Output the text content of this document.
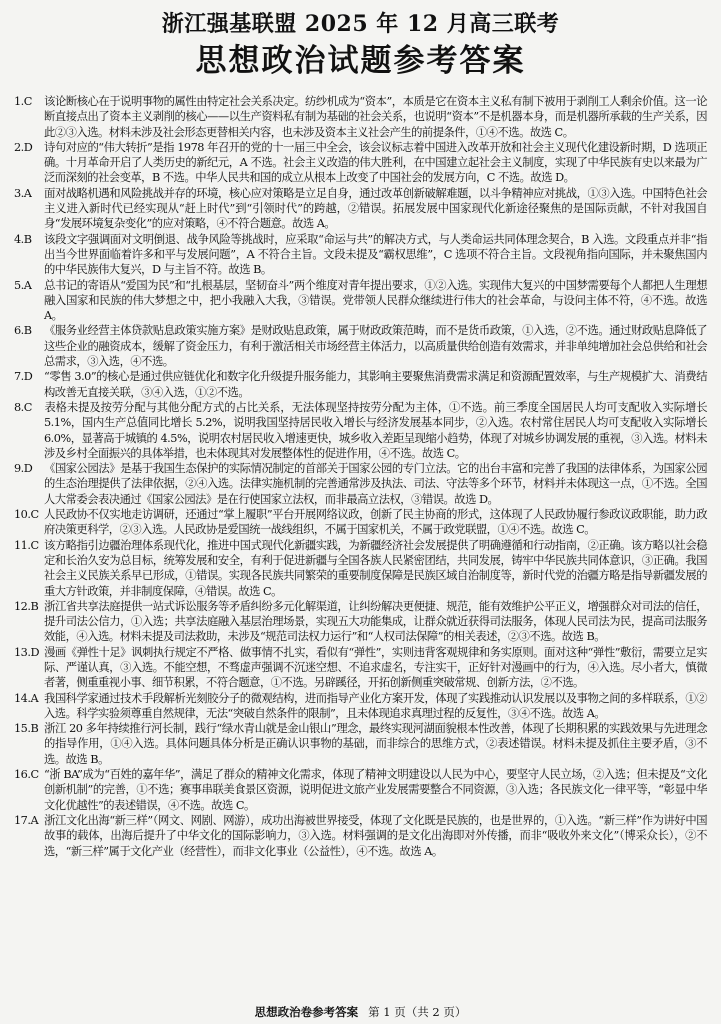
浙江强基联盟 2025 年 12 月高三联考
思想政治试题参考答案

1.C 该论断核心在于说明事物的属性由特定社会关系决定。纺纱机成为“资本”，本质是它在资本主义私有制下被用于剥削工人剩余价值。这一论断直接点出了资本主义剥削的核心——以生产资料私有制为基础的社会关系，也说明“资本”不是机器本身，而是机器所承载的生产关系，因此②③入选。材料未涉及社会形态更替相关内容，也未涉及资本主义社会产生的前提条件，①④不选。故选 C。

2.D 诗句对应的“伟大转折”是指 1978 年召开的党的十一届三中全会，该会议标志着中国进入改革开放和社会主义现代化建设新时期，D 选项正确。十月革命开启了人类历史的新纪元，A 不选。社会主义改造的伟大胜利，在中国建立起社会主义制度，实现了中华民族有史以来最为广泛而深刻的社会变革，B 不选。中华人民共和国的成立从根本上改变了中国社会的发展方向，C 不选。故选 D。

3.A 面对战略机遇和风险挑战并存的环境，核心应对策略是立足自身，通过改革创新破解难题，以斗争精神应对挑战，①③入选。中国特色社会主义进入新时代已经实现从“赶上时代”到“引领时代”的跨越，②错误。拓展发展中国家现代化新途径聚焦的是国际贡献，不针对我国自身“发展环境复杂变化”的应对策略，④不符合题意。故选 A。

4.B 该段文字强调面对文明倒退、战争风险等挑战时，应采取“命运与共”的解决方式，与人类命运共同体理念契合，B 入选。文段重点并非“指出当今世界面临着许多和平与发展问题”，A 不符合主旨。文段未提及“霸权思维”，C 选项不符合主旨。文段视角指向国际，并未聚焦国内的中华民族伟大复兴，D 与主旨不符。故选 B。

5.A 总书记的寄语从“爱国为民”和“扎根基层，坚韧奋斗”两个维度对青年提出要求，①②入选。实现伟大复兴的中国梦需要每个人都把人生理想融入国家和民族的伟大梦想之中，把小我融入大我，③错误。党带领人民群众继续进行伟大的社会革命，与设问主体不符，④不选。故选 A。

6.B 《服务业经营主体贷款贴息政策实施方案》是财政贴息政策，属于财政政策范畴，而不是货币政策，①入选，②不选。通过财政贴息降低了这些企业的融资成本，缓解了资金压力，有利于激活相关市场经营主体活力，以高质量供给创造有效需求，并非单纯增加社会总供给和社会总需求，③入选，④不选。

7.D “零售 3.0”的核心是通过供应链优化和数字化升级提升服务能力，其影响主要聚焦消费需求满足和资源配置效率，与生产规模扩大、消费结构改善无直接关联，③④入选，①②不选。

8.C 表格未提及按劳分配与其他分配方式的占比关系，无法体现坚持按劳分配为主体，①不选。前三季度全国居民人均可支配收入实际增长 5.1%，国内生产总值同比增长 5.2%，说明我国坚持居民收入增长与经济发展基本同步，②入选。农村常住居民人均可支配收入实际增长 6.0%，显著高于城镇的 4.5%，说明农村居民收入增速更快，城乡收入差距呈现缩小趋势，体现了对城乡协调发展的重视，③入选。材料未涉及乡村全面振兴的具体举措，也未体现其对发展整体性的促进作用，④不选。故选 C。

9.D 《国家公园法》是基于我国生态保护的实际情况制定的首部关于国家公园的专门立法。它的出台丰富和完善了我国的法律体系，为国家公园的生态治理提供了法律依据，②④入选。法律实施机制的完善通常涉及执法、司法、守法等多个环节，材料并未体现这一点，①不选。全国人大常委会表决通过《国家公园法》是在行使国家立法权，而非最高立法权，③错误。故选 D。

10.C 人民政协不仅实地走访调研，还通过“掌上履职”平台开展网络议政，创新了民主协商的形式，这体现了人民政协履行参政议政职能，助力政府决策更科学，②③入选。人民政协是爱国统一战线组织，不属于国家机关，不属于政党联盟，①④不选。故选 C。

11.C 该方略指引边疆治理体系现代化，推进中国式现代化新疆实践，为新疆经济社会发展提供了明确遵循和行动指南，②正确。该方略以社会稳定和长治久安为总目标，统筹发展和安全，有利于促进新疆与全国各族人民紧密团结，共同发展，铸牢中华民族共同体意识，③正确。我国社会主义民族关系早已形成，①错误。实现各民族共同繁荣的重要制度保障是民族区域自治制度等，新时代党的治疆方略是指导新疆发展的重大方针政策，并非制度保障，④错误。故选 C。

12.B 浙江省共享法庭提供一站式诉讼服务等矛盾纠纷多元化解渠道，让纠纷解决更便捷、规范，能有效维护公平正义，增强群众对司法的信任，提升司法公信力，①入选；共享法庭融入基层治理场景，实现五大功能集成，让群众就近获得司法服务，体现人民司法为民，提高司法服务效能，④入选。材料未提及司法救助，未涉及“规范司法权力运行”和“人权司法保障”的相关表述，②③不选。故选 B。

13.D 漫画《弹性十足》讽刺执行规定不严格、做事情不扎实，看似有“弹性”，实则违背客观规律和务实原则。面对这种“弹性”敷衍，需要立足实际、严谨认真，③入选。不能空想，不骛虚声强调不沉迷空想、不追求虚名，专注实干，正好针对漫画中的行为，④入选。尽小者大，慎微者著，侧重重视小事、细节积累，不符合题意，①不选。另辟蹊径，开拓创新侧重突破常规、创新方法，②不选。

14.A 我国科学家通过技术手段解析光刻胶分子的微观结构，进而指导产业化方案开发，体现了实践推动认识发展以及事物之间的多样联系，①②入选。科学实验须尊重自然规律，无法“突破自然条件的限制”，且未体现追求真理过程的反复性，③④不选。故选 A。

15.B 浙江 20 多年持续推行河长制，践行“绿水青山就是金山银山”理念，最终实现河湖面貌根本性改善，体现了长期积累的实践效果与先进理念的指导作用，①④入选。具体问题具体分析是正确认识事物的基础，而非综合的思维方式，②表述错误。材料未提及抓住主要矛盾，③不选。故选 B。

16.C “浙 BA”成为“百姓的嘉年华”，满足了群众的精神文化需求，体现了精神文明建设以人民为中心，要坚守人民立场，②入选；但未提及“文化创新机制”的完善，①不选；赛事串联美食景区资源，说明促进文旅产业发展需要整合不同资源，③入选；各民族文化一律平等，“彰显中华文化优越性”的表述错误，④不选。故选 C。

17.A 浙江文化出海“新三样”（网文、网剧、网游），成功出海被世界接受，体现了文化既是民族的，也是世界的，①入选。“新三样”作为讲好中国故事的载体，出海后提升了中华文化的国际影响力，③入选。材料强调的是文化出海即对外传播，而非“吸收外来文化”（博采众长），②不选，“新三样”属于文化产业（经营性），而非文化事业（公益性），④不选。故选 A。

思想政治卷参考答案 第 1 页（共 2 页）
